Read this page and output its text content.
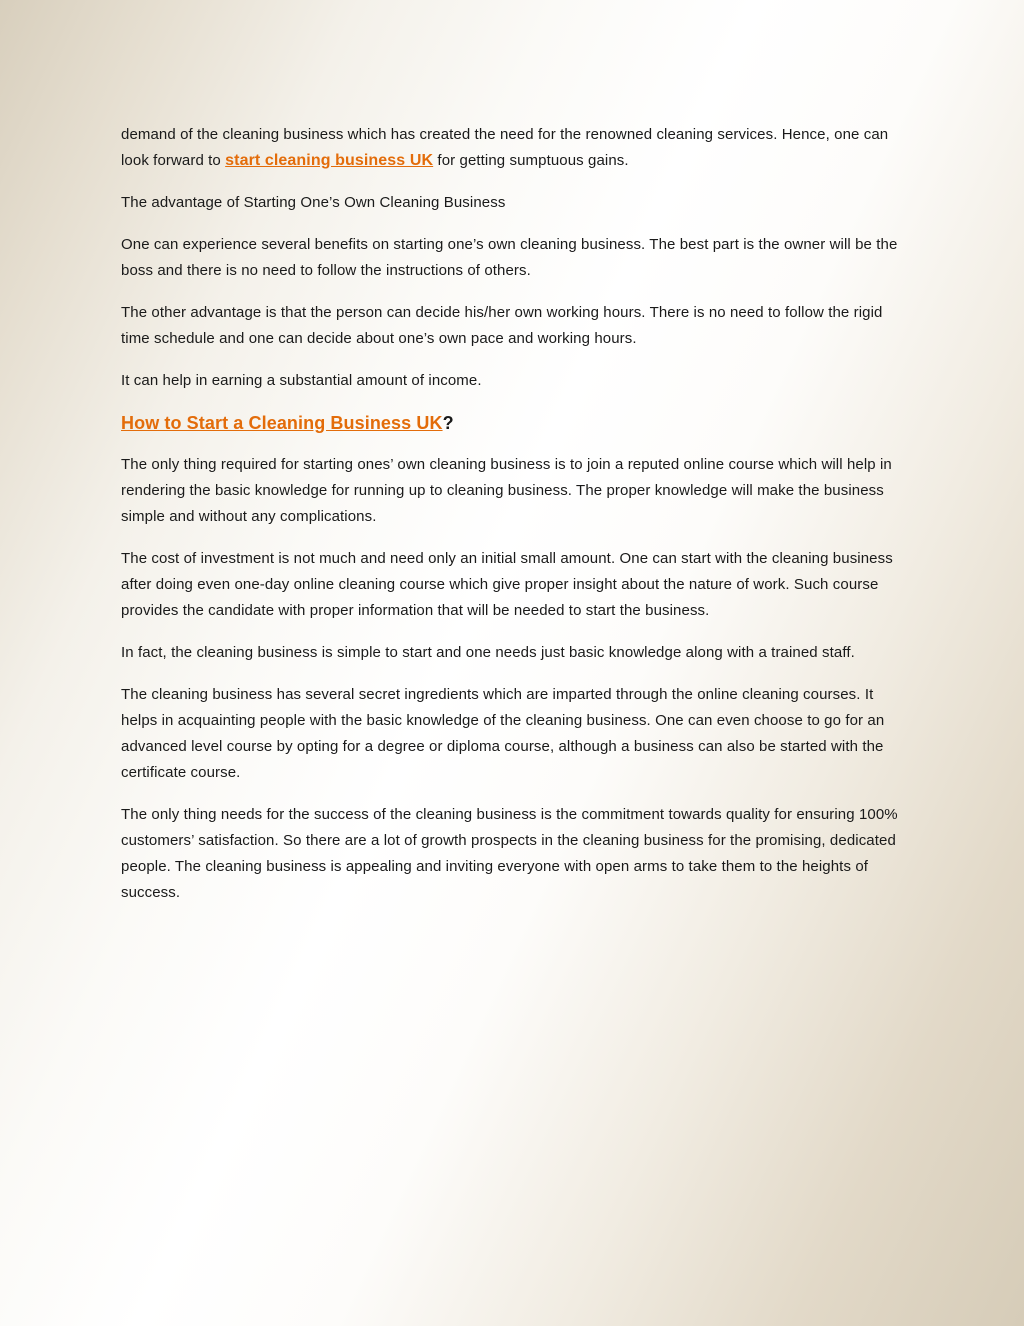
demand of the cleaning business which has created the need for the renowned cleaning services. Hence, one can look forward to start cleaning business UK for getting sumptuous gains.

The advantage of Starting One’s Own Cleaning Business

One can experience several benefits on starting one’s own cleaning business. The best part is the owner will be the boss and there is no need to follow the instructions of others.

The other advantage is that the person can decide his/her own working hours. There is no need to follow the rigid time schedule and one can decide about one’s own pace and working hours.

It can help in earning a substantial amount of income.

How to Start a Cleaning Business UK?

The only thing required for starting ones’ own cleaning business is to join a reputed online course which will help in rendering the basic knowledge for running up to cleaning business. The proper knowledge will make the business simple and without any complications.

The cost of investment is not much and need only an initial small amount. One can start with the cleaning business after doing even one-day online cleaning course which give proper insight about the nature of work. Such course provides the candidate with proper information that will be needed to start the business.

In fact, the cleaning business is simple to start and one needs just basic knowledge along with a trained staff.

The cleaning business has several secret ingredients which are imparted through the online cleaning courses. It helps in acquainting people with the basic knowledge of the cleaning business. One can even choose to go for an advanced level course by opting for a degree or diploma course, although a business can also be started with the certificate course.

The only thing needs for the success of the cleaning business is the commitment towards quality for ensuring 100% customers’ satisfaction. So there are a lot of growth prospects in the cleaning business for the promising, dedicated people. The cleaning business is appealing and inviting everyone with open arms to take them to the heights of success.
